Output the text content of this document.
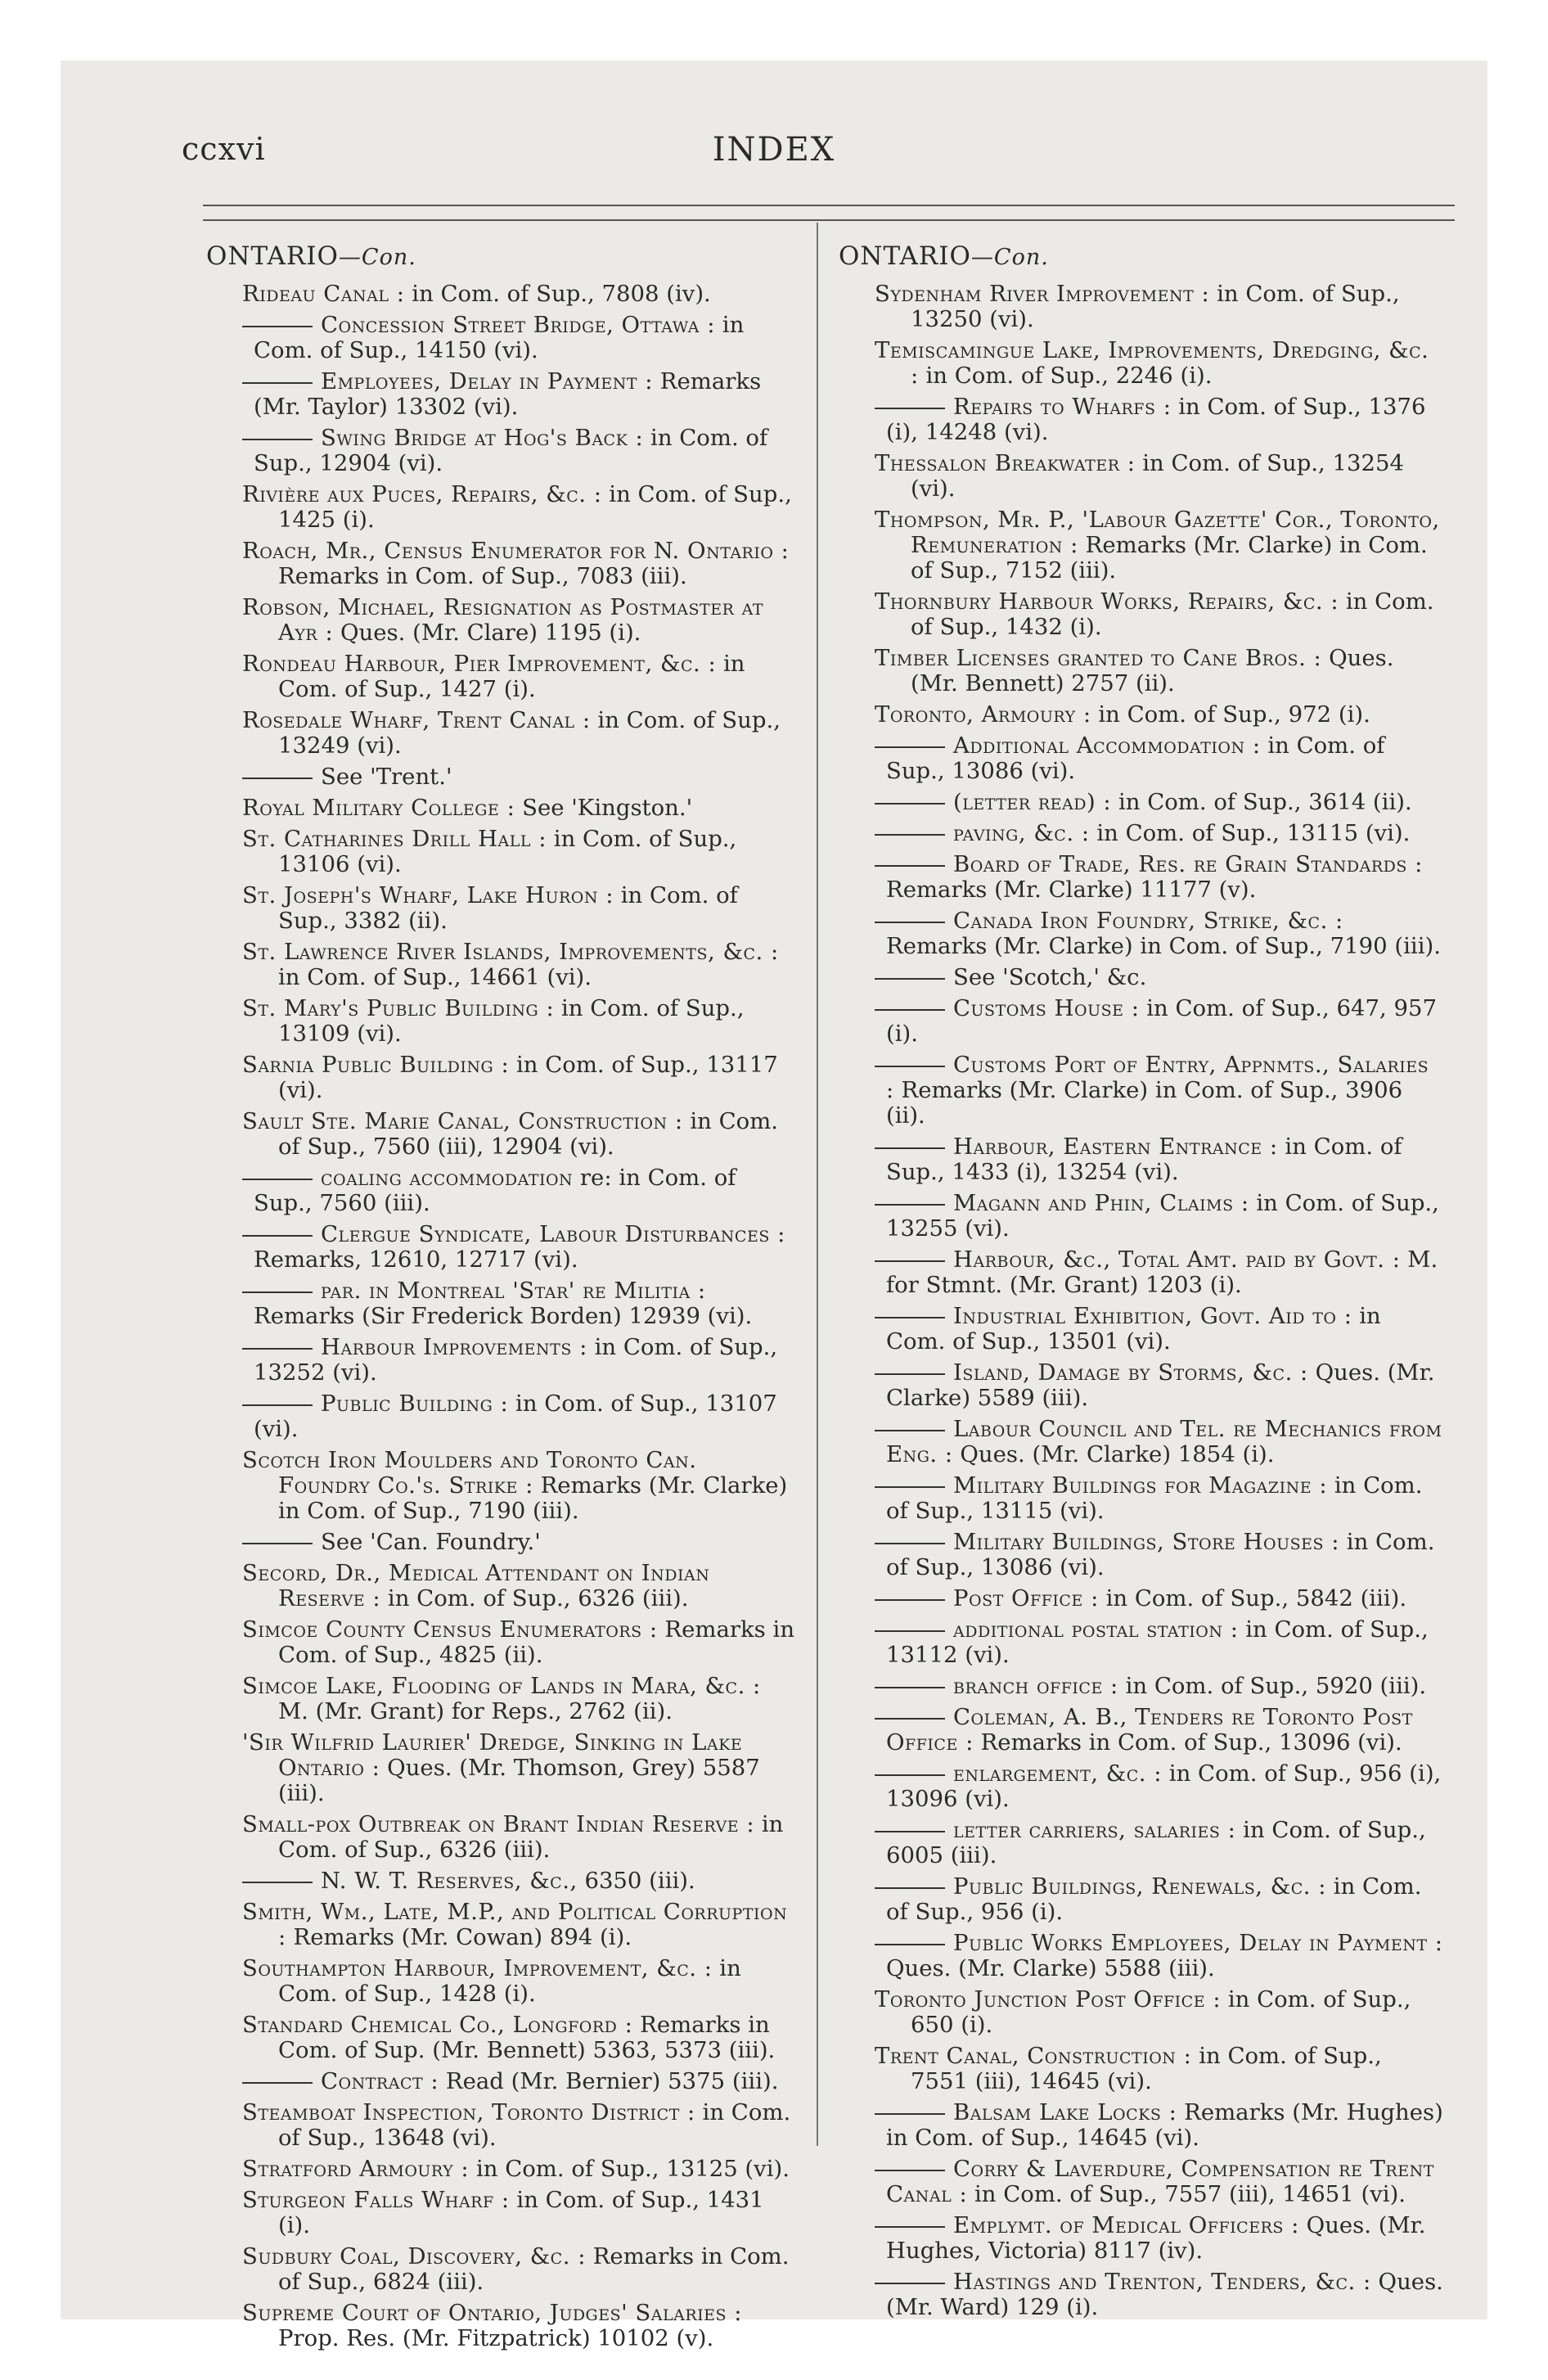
ccxvi	INDEX
ONTARIO—Con.
Rideau Canal : in Com. of Sup., 7808 (iv).
Concession Street Bridge, Ottawa : in Com. of Sup., 14150 (vi).
Employees, Delay in Payment : Remarks (Mr. Taylor) 13302 (vi).
Swing Bridge at Hog's Back : in Com. of Sup., 12904 (vi).
Rivière aux Puces, Repairs, &c. : in Com. of Sup., 1425 (i).
Roach, Mr., Census Enumerator for N. Ontario : Remarks in Com. of Sup., 7083 (iii).
Robson, Michael, Resignation as Postmaster at Ayr : Ques. (Mr. Clare) 1195 (i).
Rondeau Harbour, Pier Improvement, &c. : in Com. of Sup., 1427 (i).
Rosedale Wharf, Trent Canal : in Com. of Sup., 13249 (vi).
See 'Trent.'
Royal Military College : See 'Kingston.'
St. Catharines Drill Hall : in Com. of Sup., 13106 (vi).
St. Joseph's Wharf, Lake Huron : in Com. of Sup., 3382 (ii).
St. Lawrence River Islands, Improvements, &c. : in Com. of Sup., 14661 (vi).
St. Mary's Public Building : in Com. of Sup., 13109 (vi).
Sarnia Public Building : in Com. of Sup., 13117 (vi).
Sault Ste. Marie Canal, Construction : in Com. of Sup., 7560 (iii), 12904 (vi).
coaling accommodation re: in Com. of Sup., 7560 (iii).
Clergue Syndicate, Labour Disturbances : Remarks, 12610, 12717 (vi).
par. in Montreal 'Star' re Militia : Remarks (Sir Frederick Borden) 12939 (vi).
Harbour Improvements : in Com. of Sup., 13252 (vi).
Public Building : in Com. of Sup., 13107 (vi).
Scotch Iron Moulders and Toronto Can. Foundry Co.'s. Strike : Remarks (Mr. Clarke) in Com. of Sup., 7190 (iii).
See 'Can. Foundry.'
Secord, Dr., Medical Attendant on Indian Reserve : in Com. of Sup., 6326 (iii).
Simcoe County Census Enumerators : Remarks in Com. of Sup., 4825 (ii).
Simcoe Lake, Flooding of Lands in Mara, &c. : M. (Mr. Grant) for Reps., 2762 (ii).
'Sir Wilfrid Laurier' Dredge, Sinking in Lake Ontario : Ques. (Mr. Thomson, Grey) 5587 (iii).
Small-pox Outbreak on Brant Indian Reserve : in Com. of Sup., 6326 (iii).
N. W. T. Reserves, &c., 6350 (iii).
Smith, Wm., Late, M.P., and Political Corruption : Remarks (Mr. Cowan) 894 (i).
Southampton Harbour, Improvement, &c. : in Com. of Sup., 1428 (i).
Standard Chemical Co., Longford : Remarks in Com. of Sup. (Mr. Bennett) 5363, 5373 (iii).
Contract : Read (Mr. Bernier) 5375 (iii).
Steamboat Inspection, Toronto District : in Com. of Sup., 13648 (vi).
Stratford Armoury : in Com. of Sup., 13125 (vi).
Sturgeon Falls Wharf : in Com. of Sup., 1431 (i).
Sudbury Coal, Discovery, &c. : Remarks in Com. of Sup., 6824 (iii).
Supreme Court of Ontario, Judges' Salaries : Prop. Res. (Mr. Fitzpatrick) 10102 (v).
ONTARIO—Con.
Sydenham River Improvement : in Com. of Sup., 13250 (vi).
Temiscamingue Lake, Improvements, Dredging, &c. : in Com. of Sup., 2246 (i).
Repairs to Wharfs : in Com. of Sup., 1376 (i), 14248 (vi).
Thessalon Breakwater : in Com. of Sup., 13254 (vi).
Thompson, Mr. P., 'Labour Gazette' Cor., Toronto, Remuneration : Remarks (Mr. Clarke) in Com. of Sup., 7152 (iii).
Thornbury Harbour Works, Repairs, &c. : in Com. of Sup., 1432 (i).
Timber Licenses granted to Cane Bros. : Ques. (Mr. Bennett) 2757 (ii).
Toronto, Armoury : in Com. of Sup., 972 (i).
Additional Accommodation : in Com. of Sup., 13086 (vi).
(letter read) : in Com. of Sup., 3614 (ii).
paving, &c. : in Com. of Sup., 13115 (vi).
Board of Trade, Res. re Grain Standards : Remarks (Mr. Clarke) 11177 (v).
Canada Iron Foundry, Strike, &c. : Remarks (Mr. Clarke) in Com. of Sup., 7190 (iii).
See 'Scotch,' &c.
Customs House : in Com. of Sup., 647, 957 (i).
Customs Port of Entry, Appnmts., Salaries : Remarks (Mr. Clarke) in Com. of Sup., 3906 (ii).
Harbour, Eastern Entrance : in Com. of Sup., 1433 (i), 13254 (vi).
Magann and Phin, Claims : in Com. of Sup., 13255 (vi).
Harbour, &c., Total Amt. paid by Govt. : M. for Stmnt. (Mr. Grant) 1203 (i).
Industrial Exhibition, Govt. Aid to : in Com. of Sup., 13501 (vi).
Island, Damage by Storms, &c. : Ques. (Mr. Clarke) 5589 (iii).
Labour Council and Tel. re Mechanics from Eng. : Ques. (Mr. Clarke) 1854 (i).
Military Buildings for Magazine : in Com. of Sup., 13115 (vi).
Military Buildings, Store Houses : in Com. of Sup., 13086 (vi).
Post Office : in Com. of Sup., 5842 (iii).
additional postal station : in Com. of Sup., 13112 (vi).
branch office : in Com. of Sup., 5920 (iii).
Coleman, A. B., Tenders re Toronto Post Office : Remarks in Com. of Sup., 13096 (vi).
enlargement, &c. : in Com. of Sup., 956 (i), 13096 (vi).
letter carriers, salaries : in Com. of Sup., 6005 (iii).
Public Buildings, Renewals, &c. : in Com. of Sup., 956 (i).
Public Works Employees, Delay in Payment : Ques. (Mr. Clarke) 5588 (iii).
Toronto Junction Post Office : in Com. of Sup., 650 (i).
Trent Canal, Construction : in Com. of Sup., 7551 (iii), 14645 (vi).
Balsam Lake Locks : Remarks (Mr. Hughes) in Com. of Sup., 14645 (vi).
Corry & Laverdure, Compensation re Trent Canal : in Com. of Sup., 7557 (iii), 14651 (vi).
Emplymt. of Medical Officers : Ques. (Mr. Hughes, Victoria) 8117 (iv).
Hastings and Trenton, Tenders, &c. : Ques. (Mr. Ward) 129 (i).
